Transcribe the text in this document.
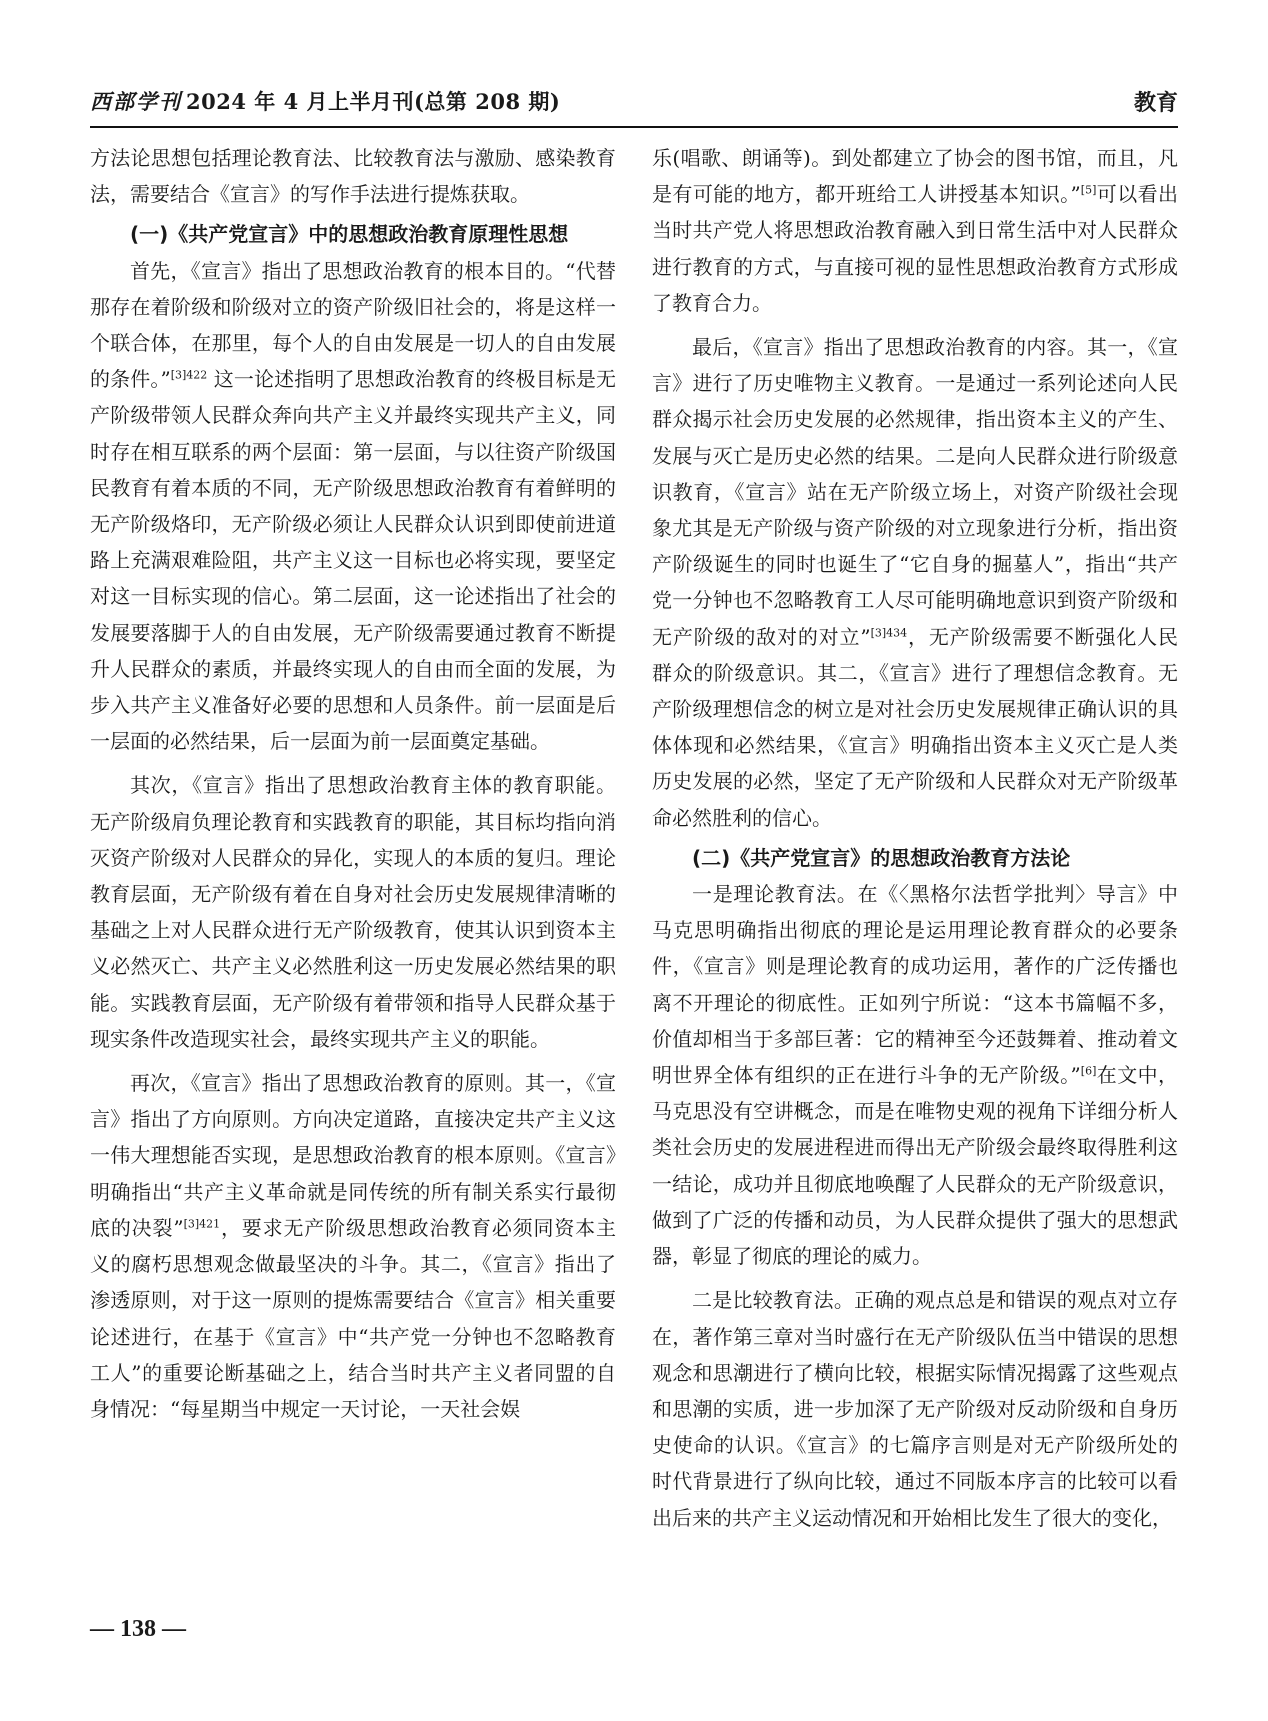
西部学刊 2024 年 4 月上半月刊(总第 208 期)	教育

方法论思想包括理论教育法、比较教育法与激励、感染教育法，需要结合《宣言》的写作手法进行提炼获取。

(一)《共产党宣言》中的思想政治教育原理性思想

首先，《宣言》指出了思想政治教育的根本目的。“代替那存在着阶级和阶级对立的资产阶级旧社会的，将是这样一个联合体，在那里，每个人的自由发展是一切人的自由发展的条件。”$^{[3]422}$ 这一论述指明了思想政治教育的终极目标是无产阶级带领人民群众奔向共产主义并最终实现共产主义，同时存在相互联系的两个层面：第一层面，与以往资产阶级国民教育有着本质的不同，无产阶级思想政治教育有着鲜明的无产阶级烙印，无产阶级必须让人民群众认识到即使前进道路上充满艰难险阻，共产主义这一目标也必将实现，要坚定对这一目标实现的信心。第二层面，这一论述指出了社会的发展要落脚于人的自由发展，无产阶级需要通过教育不断提升人民群众的素质，并最终实现人的自由而全面的发展，为步入共产主义准备好必要的思想和人员条件。前一层面是后一层面的必然结果，后一层面为前一层面奠定基础。

其次，《宣言》指出了思想政治教育主体的教育职能。无产阶级肩负理论教育和实践教育的职能，其目标均指向消灭资产阶级对人民群众的异化，实现人的本质的复归。理论教育层面，无产阶级有着在自身对社会历史发展规律清晰的基础之上对人民群众进行无产阶级教育，使其认识到资本主义必然灭亡、共产主义必然胜利这一历史发展必然结果的职能。实践教育层面，无产阶级有着带领和指导人民群众基于现实条件改造现实社会，最终实现共产主义的职能。

再次，《宣言》指出了思想政治教育的原则。其一，《宣言》指出了方向原则。方向决定道路，直接决定共产主义这一伟大理想能否实现，是思想政治教育的根本原则。《宣言》明确指出“共产主义革命就是同传统的所有制关系实行最彻底的决裂”$^{[3]421}$，要求无产阶级思想政治教育必须同资本主义的腐朽思想观念做最坚决的斗争。其二，《宣言》指出了渗透原则，对于这一原则的提炼需要结合《宣言》相关重要论述进行，在基于《宣言》中“共产党一分钟也不忽略教育工人”的重要论断基础之上，结合当时共产主义者同盟的自身情况：“每星期当中规定一天讨论，一天社会娱

乐(唱歌、朗诵等)。到处都建立了协会的图书馆，而且，凡是有可能的地方，都开班给工人讲授基本知识。”[5]可以看出当时共产党人将思想政治教育融入到日常生活中对人民群众进行教育的方式，与直接可视的显性思想政治教育方式形成了教育合力。

最后，《宣言》指出了思想政治教育的内容。其一，《宣言》进行了历史唯物主义教育。一是通过一系列论述向人民群众揭示社会历史发展的必然规律，指出资本主义的产生、发展与灭亡是历史必然的结果。二是向人民群众进行阶级意识教育，《宣言》站在无产阶级立场上，对资产阶级社会现象尤其是无产阶级与资产阶级的对立现象进行分析，指出资产阶级诞生的同时也诞生了“它自身的掘墓人”，指出“共产党一分钟也不忽略教育工人尽可能明确地意识到资产阶级和无产阶级的敌对的对立”$^{[3]434}$，无产阶级需要不断强化人民群众的阶级意识。其二，《宣言》进行了理想信念教育。无产阶级理想信念的树立是对社会历史发展规律正确认识的具体体现和必然结果，《宣言》明确指出资本主义灭亡是人类历史发展的必然，坚定了无产阶级和人民群众对无产阶级革命必然胜利的信心。

(二)《共产党宣言》的思想政治教育方法论

一是理论教育法。在《〈黑格尔法哲学批判〉导言》中马克思明确指出彻底的理论是运用理论教育群众的必要条件，《宣言》则是理论教育的成功运用，著作的广泛传播也离不开理论的彻底性。正如列宁所说：“这本书篇幅不多，价值却相当于多部巨著：它的精神至今还鼓舞着、推动着文明世界全体有组织的正在进行斗争的无产阶级。”[6]在文中，马克思没有空讲概念，而是在唯物史观的视角下详细分析人类社会历史的发展进程进而得出无产阶级会最终取得胜利这一结论，成功并且彻底地唤醒了人民群众的无产阶级意识，做到了广泛的传播和动员，为人民群众提供了强大的思想武器，彰显了彻底的理论的威力。

二是比较教育法。正确的观点总是和错误的观点对立存在，著作第三章对当时盛行在无产阶级队伍当中错误的思想观念和思潮进行了横向比较，根据实际情况揭露了这些观点和思潮的实质，进一步加深了无产阶级对反动阶级和自身历史使命的认识。《宣言》的七篇序言则是对无产阶级所处的时代背景进行了纵向比较，通过不同版本序言的比较可以看出后来的共产主义运动情况和开始相比发生了很大的变化，

— 138 —
